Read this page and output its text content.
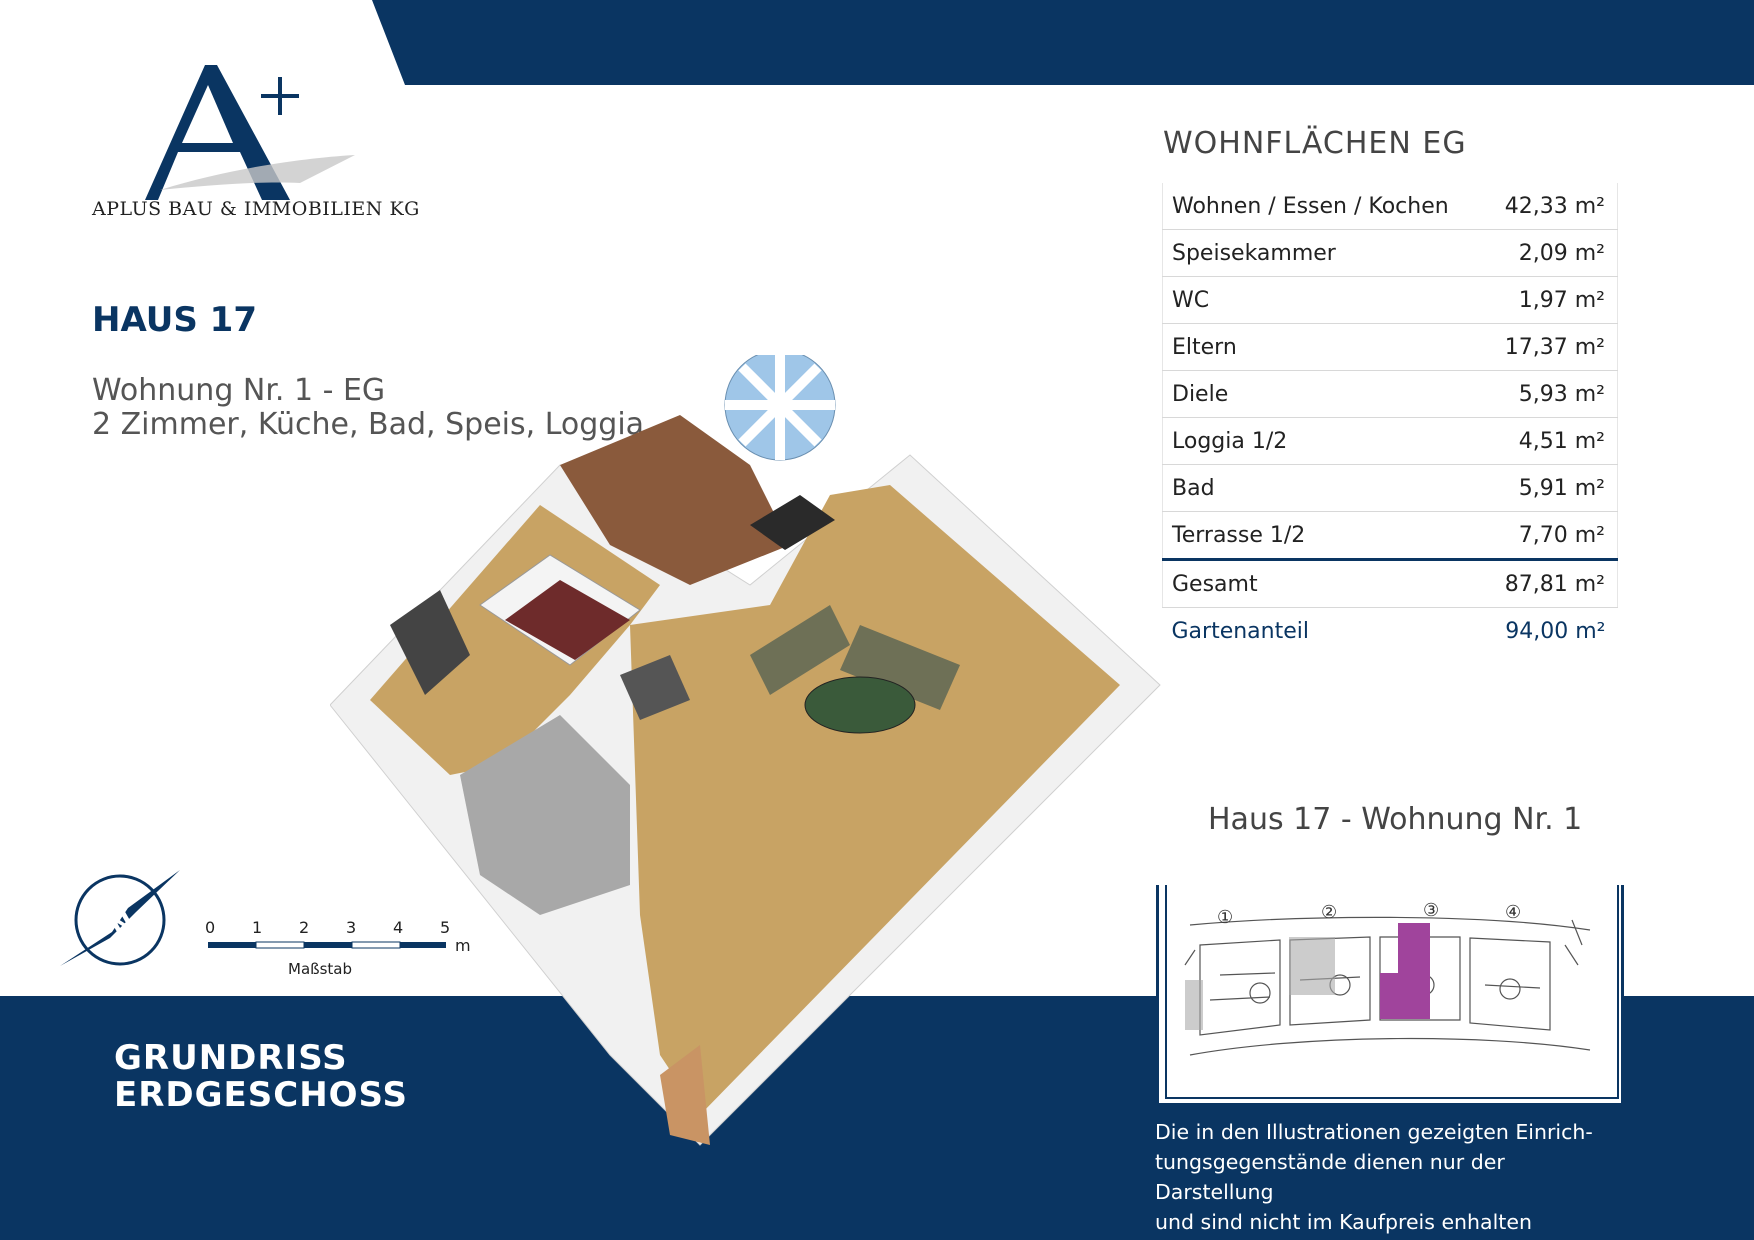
APLUS BAU & IMMOBILIEN KG
HAUS 17
Wohnung Nr. 1 - EG
2 Zimmer, Küche, Bad, Speis, Loggia
WOHNFLÄCHEN EG
Wohnen / Essen / Kochen	42,33 m²
Speisekammer	2,09 m²
WC	1,97 m²
Eltern	17,37 m²
Diele	5,93 m²
Loggia 1/2	4,51 m²
Bad	5,91 m²
Terrasse 1/2	7,70 m²
Gesamt	87,81 m²
Gartenanteil	94,00 m²
Haus 17 - Wohnung Nr. 1
①	②	③	④
N	0 1 2 3 4 5
m
Maßstab
GRUNDRISS
ERDGESCHOSS
Die in den Illustrationen gezeigten Einrich-
tungsgegenstände dienen nur der Darstellung
und sind nicht im Kaufpreis enhalten
